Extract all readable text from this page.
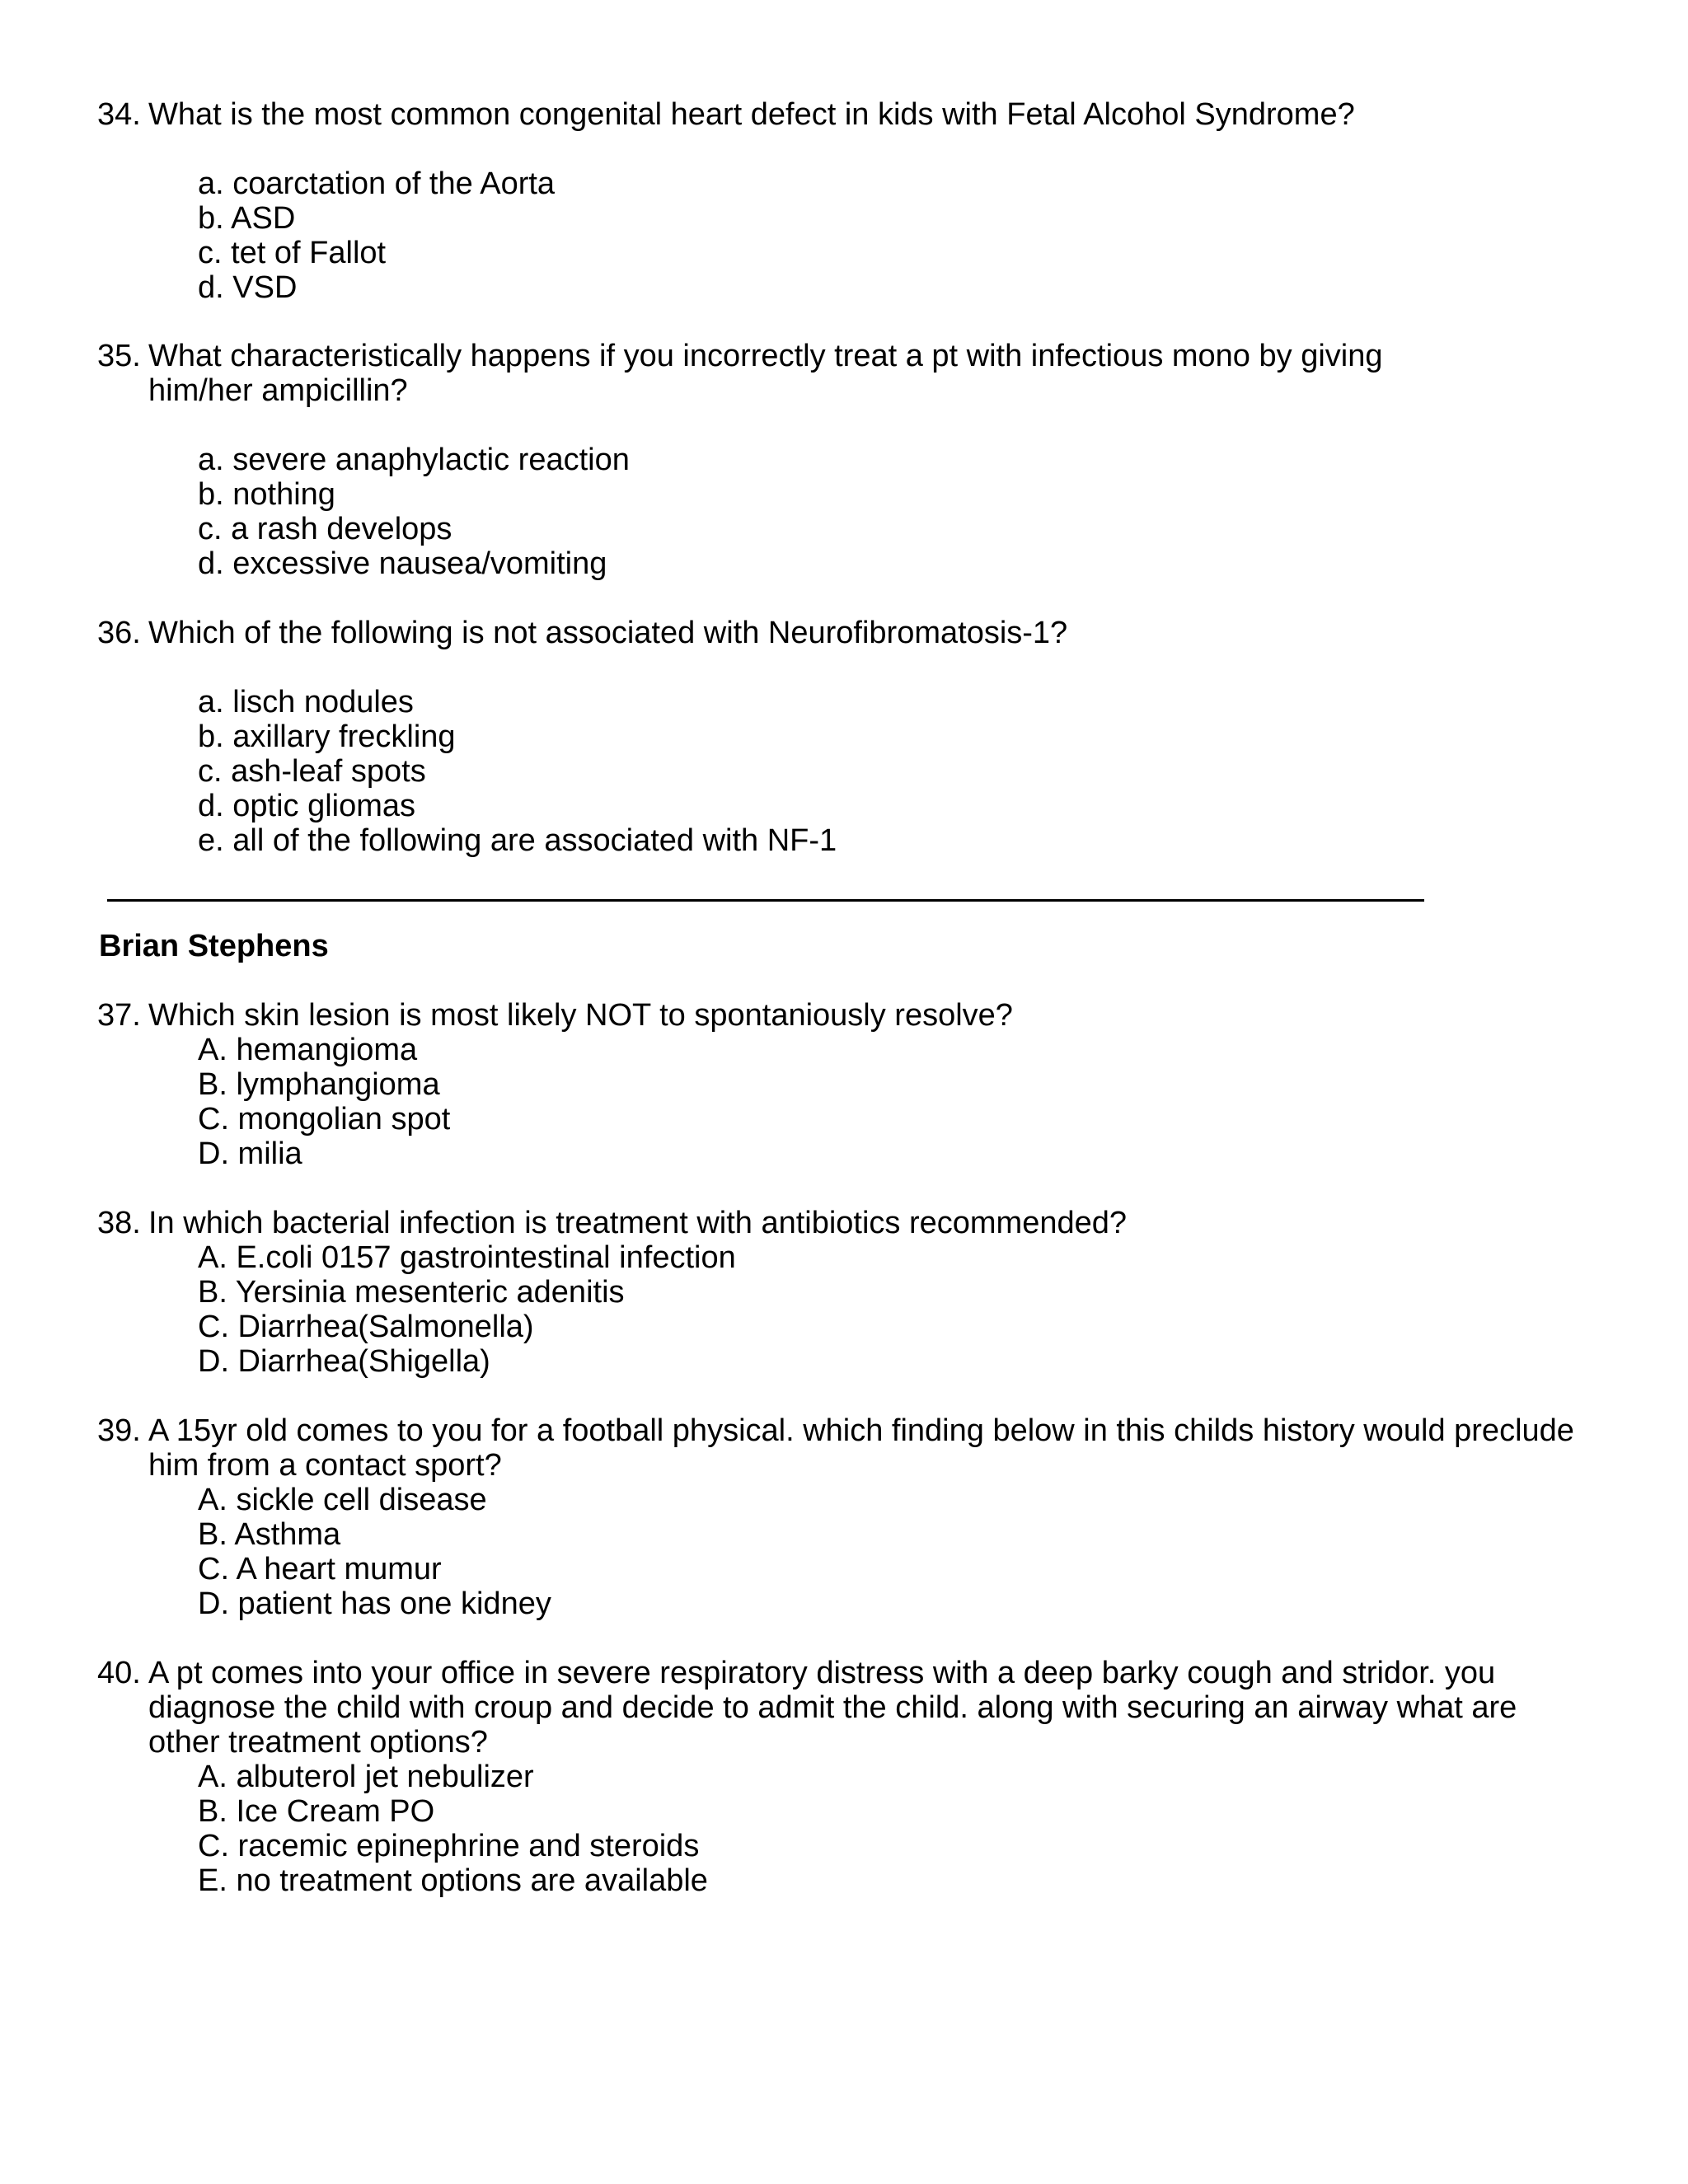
34. What is the most common congenital heart defect in kids with Fetal Alcohol Syndrome?
a. coarctation of the Aorta
b. ASD
c. tet of Fallot
d. VSD
35. What characteristically happens if you incorrectly treat a pt with infectious mono by giving him/her ampicillin?
a. severe anaphylactic reaction
b. nothing
c. a rash develops
d. excessive nausea/vomiting
36. Which of the following is not associated with Neurofibromatosis-1?
a. lisch nodules
b. axillary freckling
c. ash-leaf spots
d. optic gliomas
e. all of the following are associated with NF-1
Brian Stephens
37. Which skin lesion is most likely NOT to spontaniously resolve?
A. hemangioma
B. lymphangioma
C. mongolian spot
D. milia
38. In which bacterial infection is treatment with antibiotics recommended?
A. E.coli 0157 gastrointestinal infection
B. Yersinia mesenteric adenitis
C. Diarrhea(Salmonella)
D. Diarrhea(Shigella)
39. A 15yr old comes to you for a football physical. which finding below in this childs history would preclude him from a contact sport?
A. sickle cell disease
B. Asthma
C. A heart mumur
D. patient has one kidney
40. A pt comes into your office in severe respiratory distress with a deep barky cough and stridor. you diagnose the child with croup and decide to admit the child. along with securing an airway what are other treatment options?
A. albuterol jet nebulizer
B. Ice Cream PO
C. racemic epinephrine and steroids
E. no treatment options are available
